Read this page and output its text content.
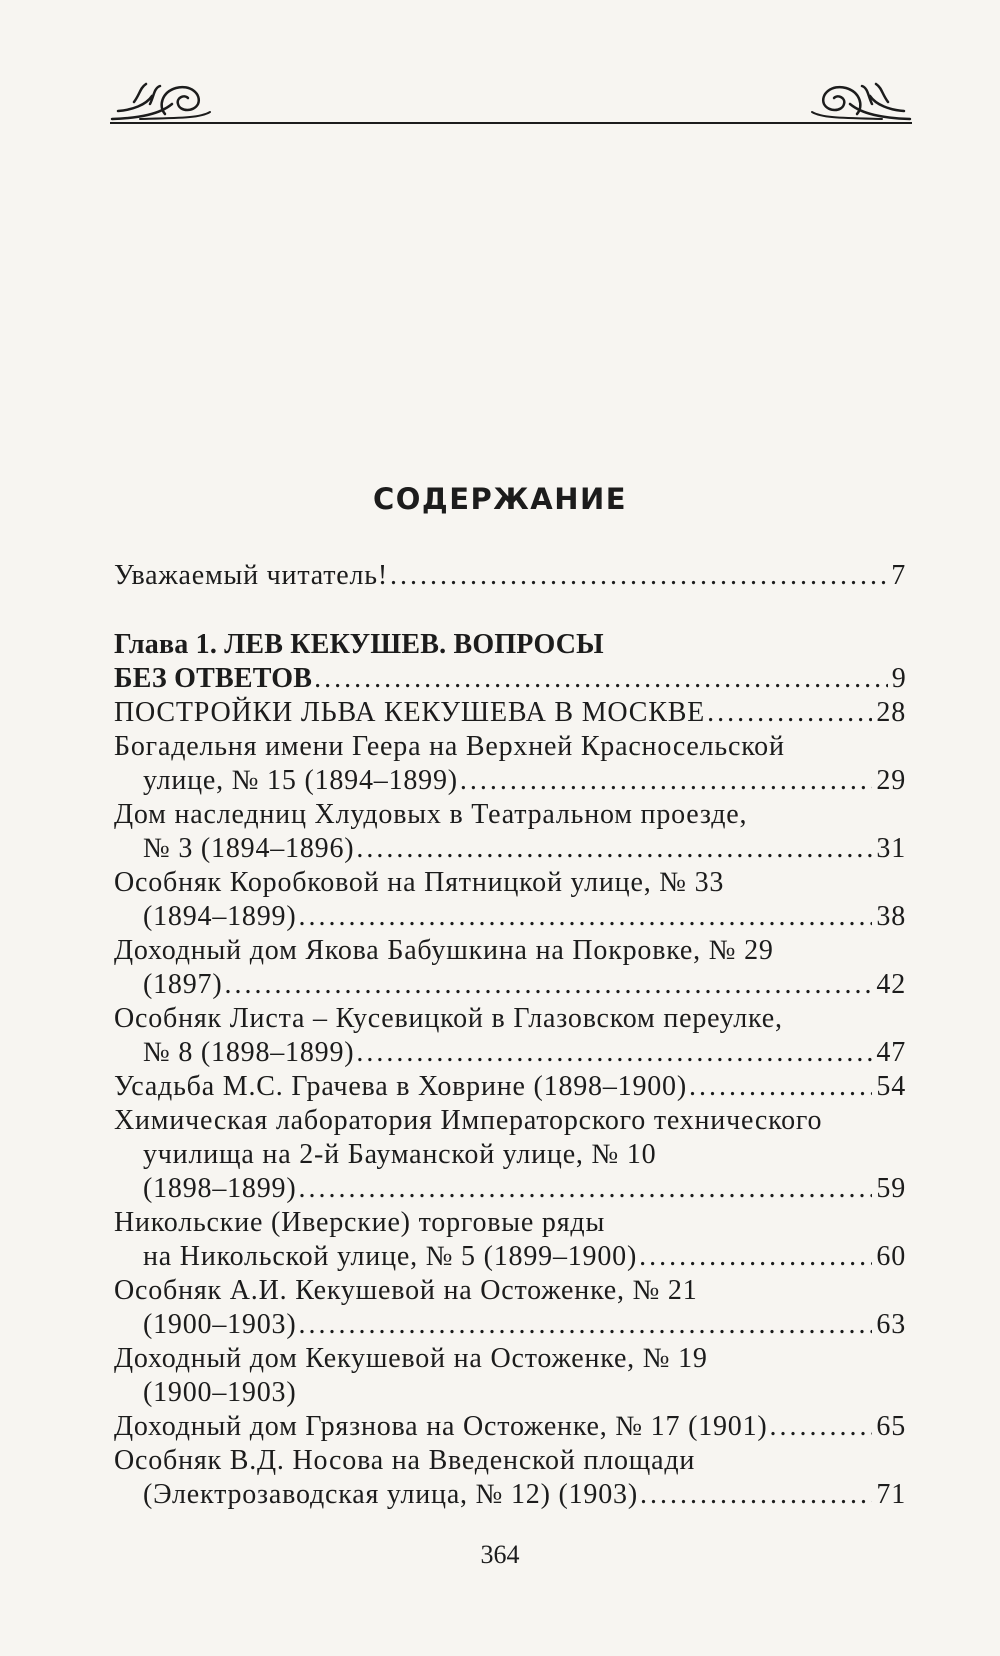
СОДЕРЖАНИЕ
Уважаемый читатель! . . .	7
Глава 1. ЛЕВ КЕКУШЕВ. ВОПРОСЫ
БЕЗ ОТВЕТОВ . . .	9
ПОСТРОЙКИ ЛЬВА КЕКУШЕВА В МОСКВЕ . . .	28
Богадельня имени Геера на Верхней Красносельской
улице, № 15 (1894–1899) . . .	29
Дом наследниц Хлудовых в Театральном проезде,
№ 3 (1894–1896) . . .	31
Особняк Коробковой на Пятницкой улице, № 33
(1894–1899) . . .	38
Доходный дом Якова Бабушкина на Покровке, № 29
(1897) . . .	42
Особняк Листа – Кусевицкой в Глазовском переулке,
№ 8 (1898–1899) . . .	47
Усадьба М.С. Грачева в Ховрине (1898–1900) . . .	54
Химическая лаборатория Императорского технического
училища на 2-й Бауманской улице, № 10
(1898–1899) . . .	59
Никольские (Иверские) торговые ряды
на Никольской улице, № 5 (1899–1900) . . .	60
Особняк А.И. Кекушевой на Остоженке, № 21
(1900–1903) . . .	63
Доходный дом Кекушевой на Остоженке, № 19
(1900–1903)
Доходный дом Грязнова на Остоженке, № 17 (1901) . . .	65
Особняк В.Д. Носова на Введенской площади
(Электрозаводская улица, № 12) (1903) . . .	71
364
